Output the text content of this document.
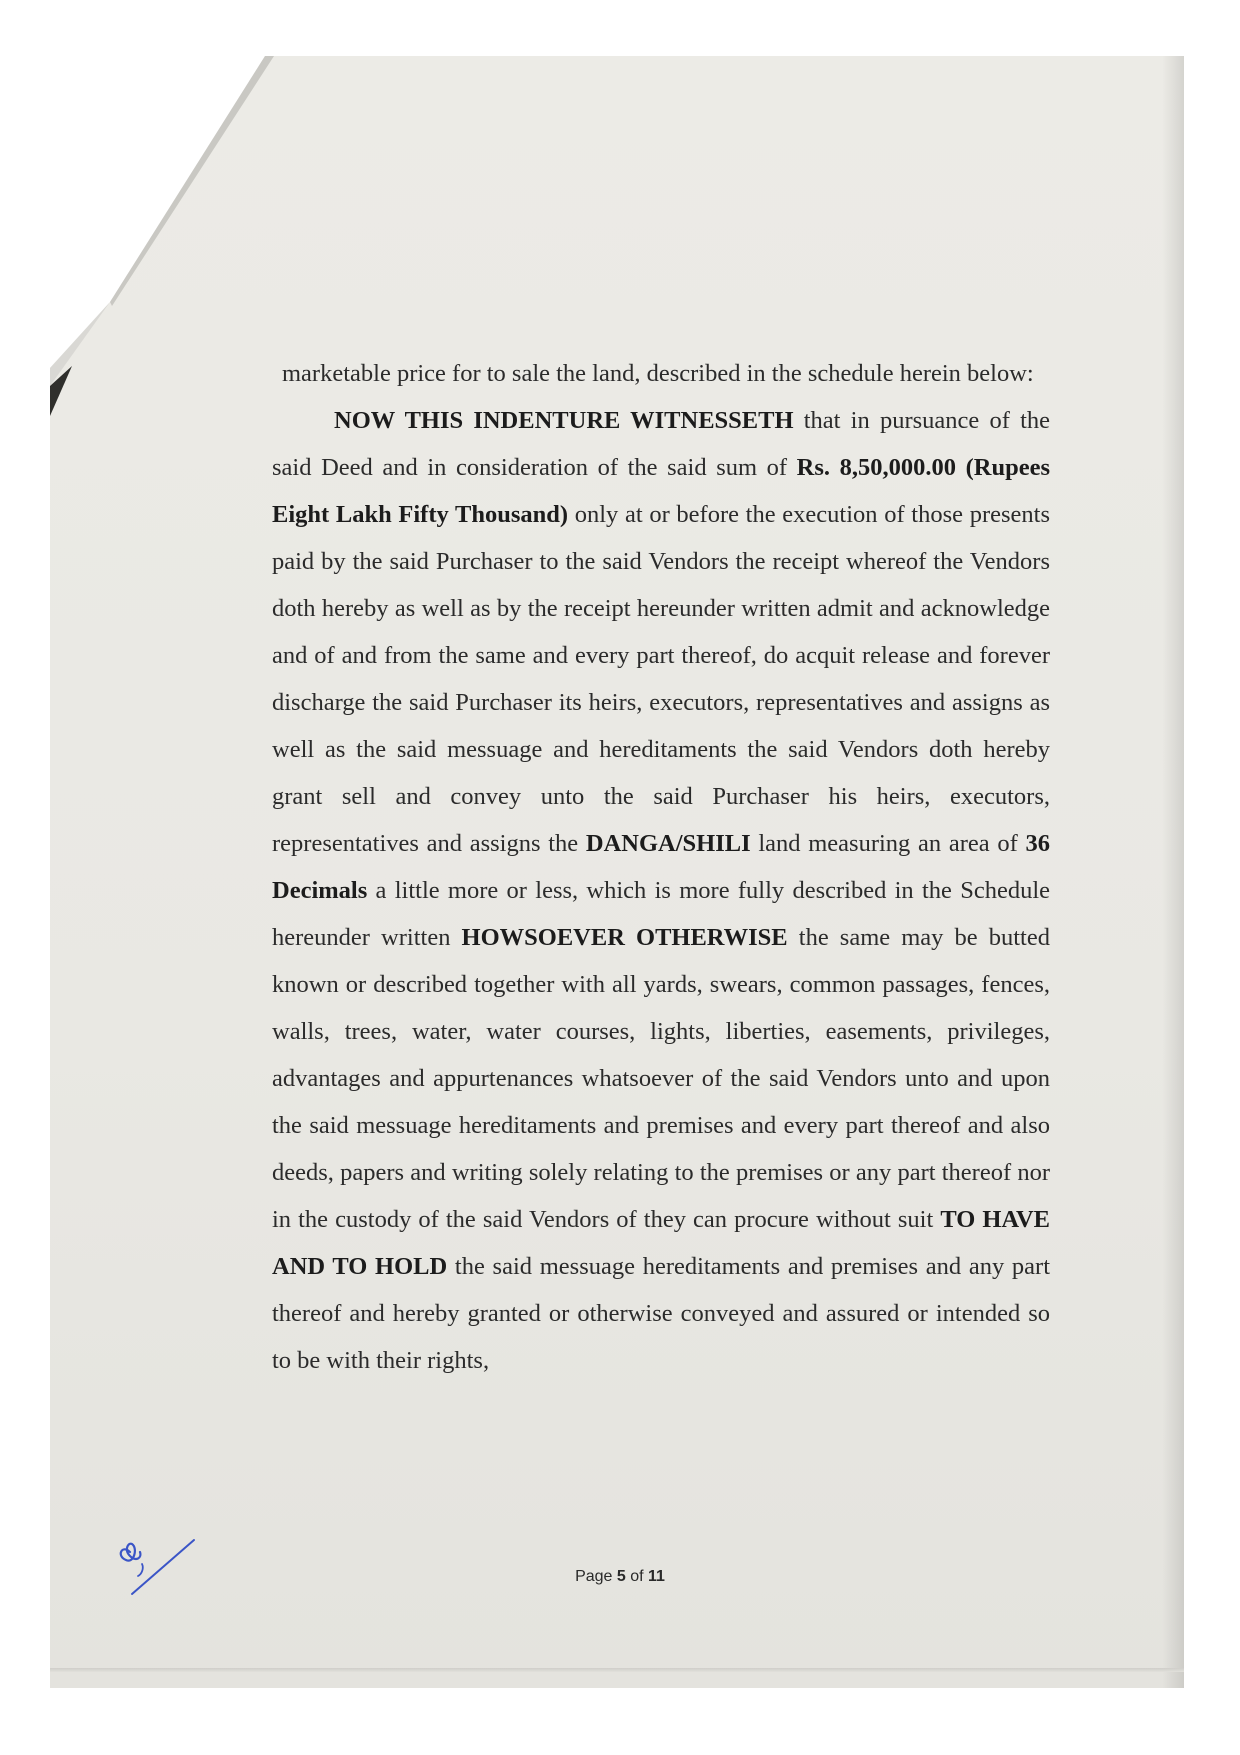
marketable price for to sale the land, described in the schedule herein below:

NOW THIS INDENTURE WITNESSETH that in pursuance of the said Deed and in consideration of the said sum of Rs. 8,50,000.00 (Rupees Eight Lakh Fifty Thousand) only at or before the execution of those presents paid by the said Purchaser to the said Vendors the receipt whereof the Vendors doth hereby as well as by the receipt hereunder written admit and acknowledge and of and from the same and every part thereof, do acquit release and forever discharge the said Purchaser its heirs, executors, representatives and assigns as well as the said messuage and hereditaments the said Vendors doth hereby grant sell and convey unto the said Purchaser his heirs, executors, representatives and assigns the DANGA/SHILI land measuring an area of 36 Decimals a little more or less, which is more fully described in the Schedule hereunder written HOWSOEVER OTHERWISE the same may be butted known or described together with all yards, swears, common passages, fences, walls, trees, water, water courses, lights, liberties, easements, privileges, advantages and appurtenances whatsoever of the said Vendors unto and upon the said messuage hereditaments and premises and every part thereof and also deeds, papers and writing solely relating to the premises or any part thereof nor in the custody of the said Vendors of they can procure without suit TO HAVE AND TO HOLD the said messuage hereditaments and premises and any part thereof and hereby granted or otherwise conveyed and assured or intended so to be with their rights,

Page 5 of 11
